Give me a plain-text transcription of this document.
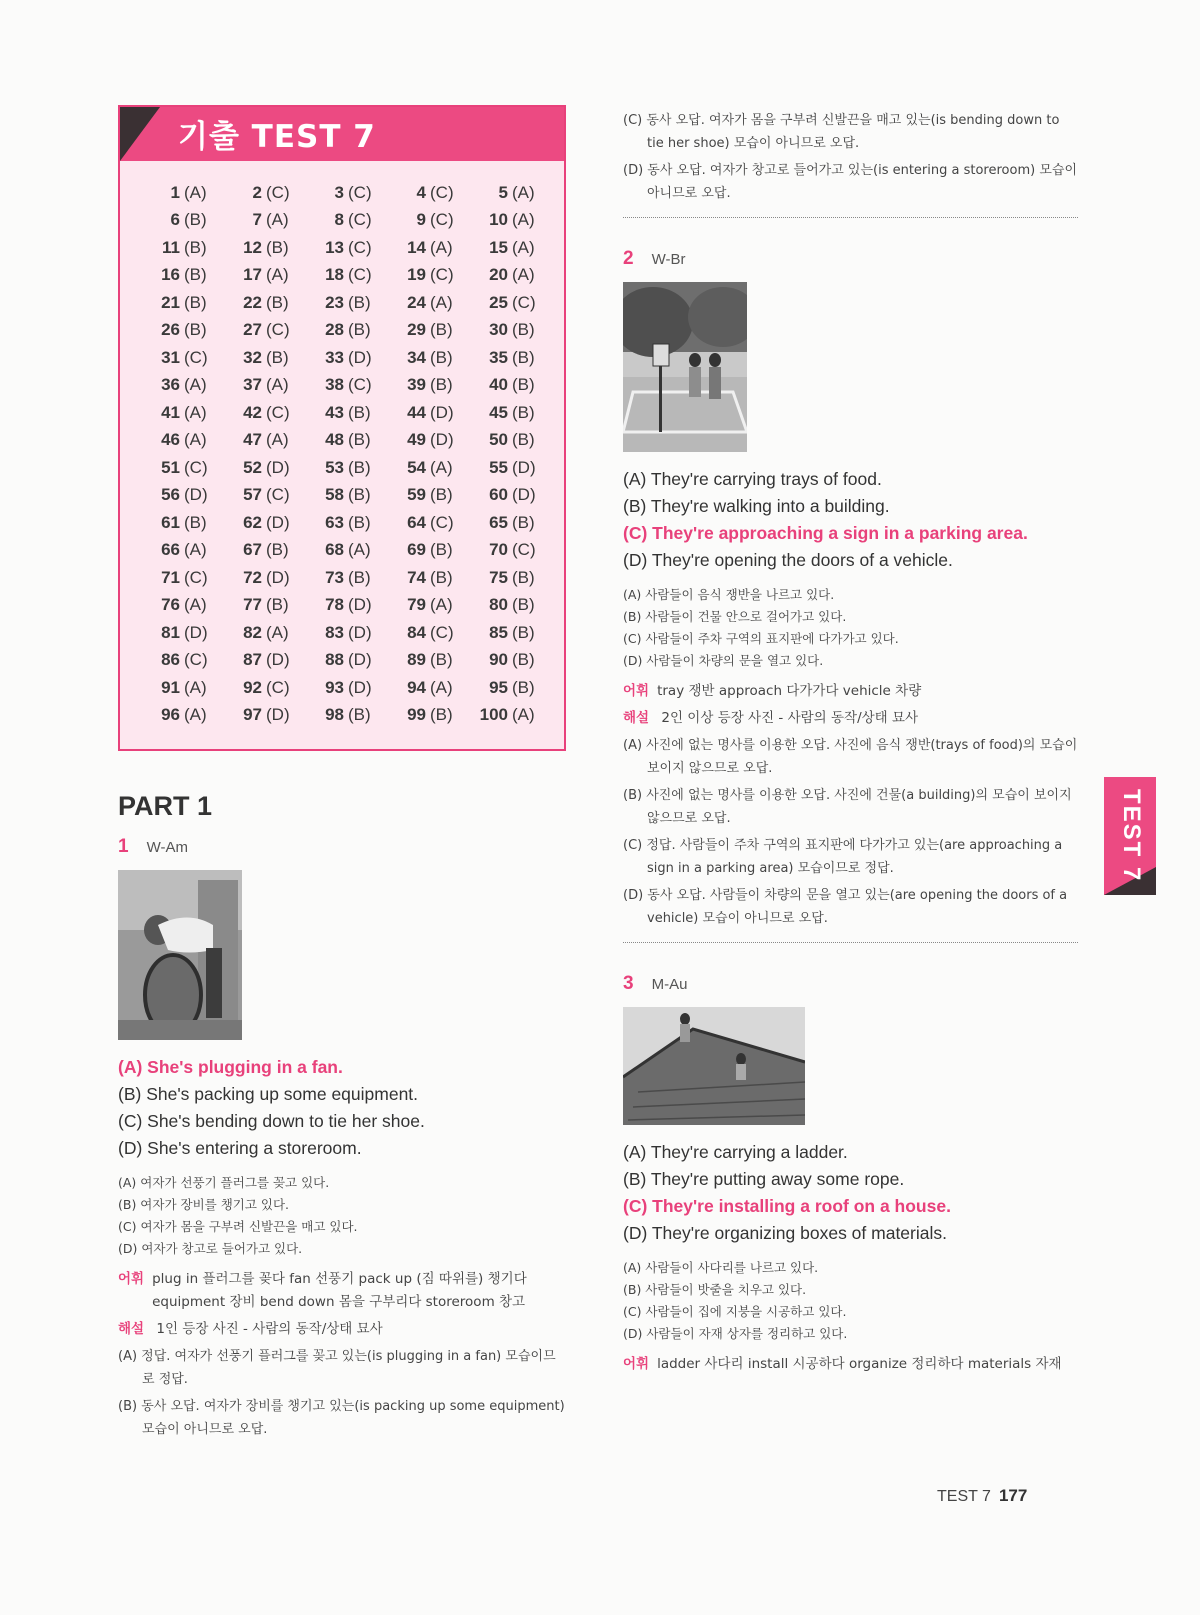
기출 TEST 7
1 (A)	2 (C)	3 (C)	4 (C)	5 (A)
6 (B)	7 (A)	8 (C)	9 (C)	10 (A)
11 (B)	12 (B)	13 (C)	14 (A)	15 (A)
16 (B)	17 (A)	18 (C)	19 (C)	20 (A)
21 (B)	22 (B)	23 (B)	24 (A)	25 (C)
26 (B)	27 (C)	28 (B)	29 (B)	30 (B)
31 (C)	32 (B)	33 (D)	34 (B)	35 (B)
36 (A)	37 (A)	38 (C)	39 (B)	40 (B)
41 (A)	42 (C)	43 (B)	44 (D)	45 (B)
46 (A)	47 (A)	48 (B)	49 (D)	50 (B)
51 (C)	52 (D)	53 (B)	54 (A)	55 (D)
56 (D)	57 (C)	58 (B)	59 (B)	60 (D)
61 (B)	62 (D)	63 (B)	64 (C)	65 (B)
66 (A)	67 (B)	68 (A)	69 (B)	70 (C)
71 (C)	72 (D)	73 (B)	74 (B)	75 (B)
76 (A)	77 (B)	78 (D)	79 (A)	80 (B)
81 (D)	82 (A)	83 (D)	84 (C)	85 (B)
86 (C)	87 (D)	88 (D)	89 (B)	90 (B)
91 (A)	92 (C)	93 (D)	94 (A)	95 (B)
96 (A)	97 (D)	98 (B)	99 (B)	100 (A)
PART 1
1 W-Am
(A) She's plugging in a fan.
(B) She's packing up some equipment.
(C) She's bending down to tie her shoe.
(D) She's entering a storeroom.
(A) 여자가 선풍기 플러그를 꽂고 있다.
(B) 여자가 장비를 챙기고 있다.
(C) 여자가 몸을 구부려 신발끈을 매고 있다.
(D) 여자가 창고로 들어가고 있다.
어휘 plug in 플러그를 꽂다 fan 선풍기 pack up (짐 따위를) 챙기다 equipment 장비 bend down 몸을 구부리다 storeroom 창고
해설 1인 등장 사진 - 사람의 동작/상태 묘사
(A) 정답. 여자가 선풍기 플러그를 꽂고 있는(is plugging in a fan) 모습이므로 정답.
(B) 동사 오답. 여자가 장비를 챙기고 있는(is packing up some equipment) 모습이 아니므로 오답.
(C) 동사 오답. 여자가 몸을 구부려 신발끈을 매고 있는(is bending down to tie her shoe) 모습이 아니므로 오답.
(D) 동사 오답. 여자가 창고로 들어가고 있는(is entering a storeroom) 모습이 아니므로 오답.
2 W-Br
(A) They're carrying trays of food.
(B) They're walking into a building.
(C) They're approaching a sign in a parking area.
(D) They're opening the doors of a vehicle.
(A) 사람들이 음식 쟁반을 나르고 있다.
(B) 사람들이 건물 안으로 걸어가고 있다.
(C) 사람들이 주차 구역의 표지판에 다가가고 있다.
(D) 사람들이 차량의 문을 열고 있다.
어휘 tray 쟁반 approach 다가가다 vehicle 차량
해설 2인 이상 등장 사진 - 사람의 동작/상태 묘사
(A) 사진에 없는 명사를 이용한 오답. 사진에 음식 쟁반(trays of food)의 모습이 보이지 않으므로 오답.
(B) 사진에 없는 명사를 이용한 오답. 사진에 건물(a building)의 모습이 보이지 않으므로 오답.
(C) 정답. 사람들이 주차 구역의 표지판에 다가가고 있는(are approaching a sign in a parking area) 모습이므로 정답.
(D) 동사 오답. 사람들이 차량의 문을 열고 있는(are opening the doors of a vehicle) 모습이 아니므로 오답.
3 M-Au
(A) They're carrying a ladder.
(B) They're putting away some rope.
(C) They're installing a roof on a house.
(D) They're organizing boxes of materials.
(A) 사람들이 사다리를 나르고 있다.
(B) 사람들이 밧줄을 치우고 있다.
(C) 사람들이 집에 지붕을 시공하고 있다.
(D) 사람들이 자재 상자를 정리하고 있다.
어휘 ladder 사다리 install 시공하다 organize 정리하다 materials 자재
TEST 7
TEST 7 177
